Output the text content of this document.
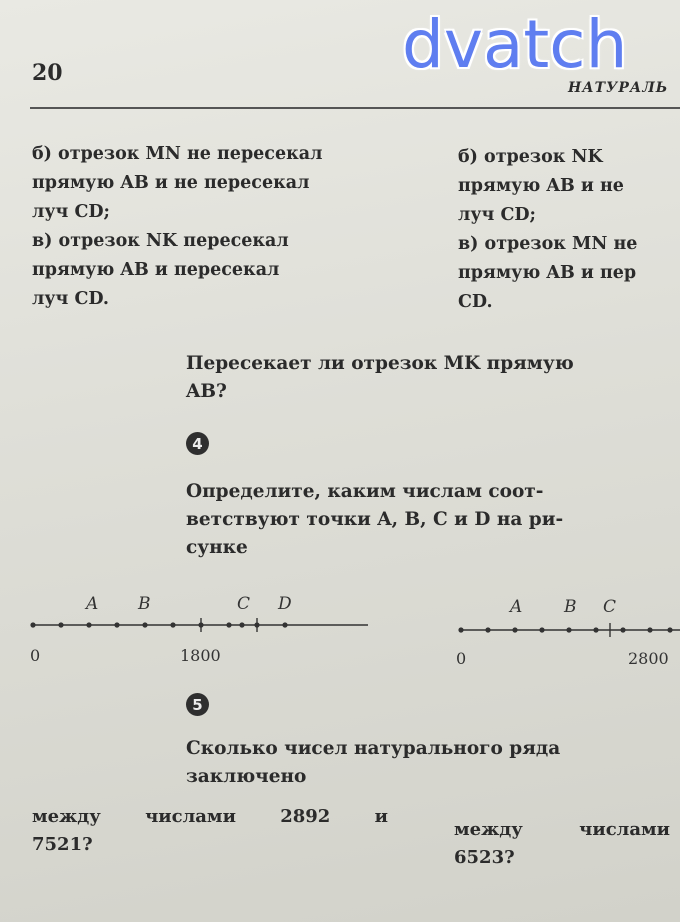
20
НАТУРАЛЬ
dvatch
б) отрезок MN не пересекал
прямую AB и не пересекал
луч CD;
в) отрезок NK пересекал
прямую AB и пересекал
луч CD.
б) отрезок NK
прямую AB и не
луч CD;
в) отрезок MN не
прямую AB и пер
CD.
Пересекает ли отрезок MK прямую
AB?
4
Определите, каким числам соот-
ветствуют точки A, B, C и D на ри-
сунке
A B	C D
0	1800
A B C
0	2800
5
Сколько чисел натурального ряда
заключено
между числами 2892 и
7521?
между	числами
6523?
